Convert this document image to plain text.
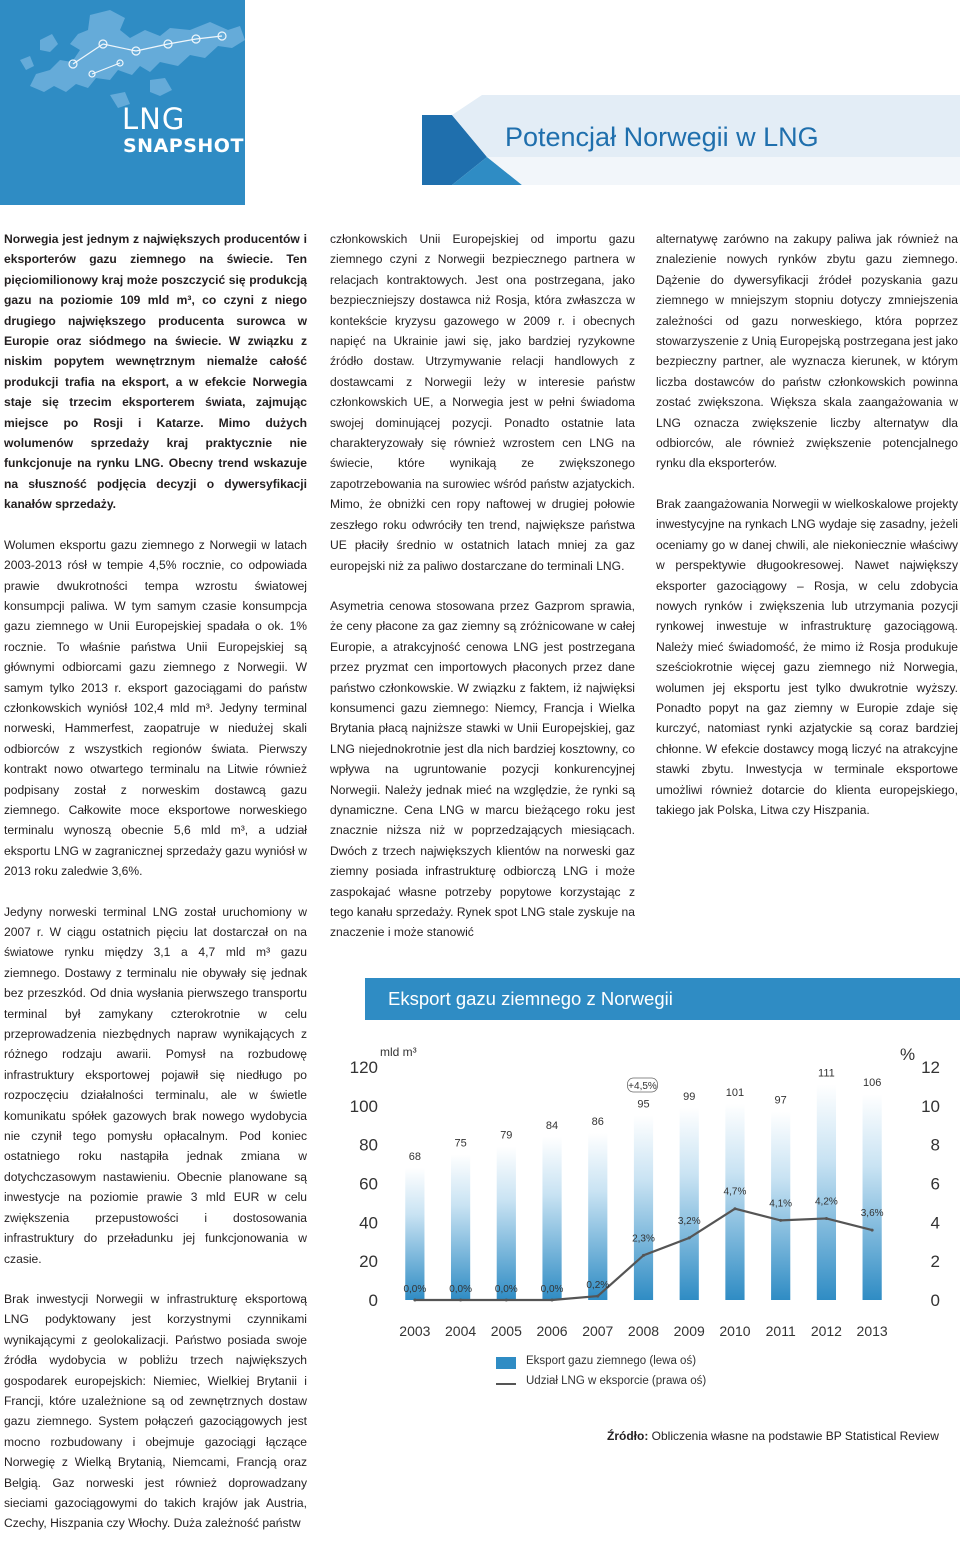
LNG
SNAPSHOT	Potencjał Norwegii w LNG

Norwegia jest jednym z największych producentów i eksporterów gazu ziemnego na świecie. Ten pięciomilionowy kraj może poszczycić się produkcją gazu na poziomie 109 mld m³, co czyni z niego drugiego największego producenta surowca w Europie oraz siódmego na świecie. W związku z niskim popytem wewnętrznym niemalże całość produkcji trafia na eksport, a w efekcie Norwegia staje się trzecim eksporterem świata, zajmując miejsce po Rosji i Katarze. Mimo dużych wolumenów sprzedaży kraj praktycznie nie funkcjonuje na rynku LNG. Obecny trend wskazuje na słuszność podjęcia decyzji o dywersyfikacji kanałów sprzedaży.

Wolumen eksportu gazu ziemnego z Norwegii w latach 2003-2013 rósł w tempie 4,5% rocznie, co odpowiada prawie dwukrotności tempa wzrostu światowej konsumpcji paliwa. W tym samym czasie konsumpcja gazu ziemnego w Unii Europejskiej spadała o ok. 1% rocznie. To właśnie państwa Unii Europejskiej są głównymi odbiorcami gazu ziemnego z Norwegii. W samym tylko 2013 r. eksport gazociągami do państw członkowskich wyniósł 102,4 mld m³. Jedyny terminal norweski, Hammerfest, zaopatruje w niedużej skali odbiorców z wszystkich regionów świata. Pierwszy kontrakt nowo otwartego terminalu na Litwie również podpisany został z norweskim dostawcą gazu ziemnego. Całkowite moce eksportowe norweskiego terminalu wynoszą obecnie 5,6 mld m³, a udział eksportu LNG w zagranicznej sprzedaży gazu wyniósł w 2013 roku zaledwie 3,6%.

Jedyny norweski terminal LNG został uruchomiony w 2007 r. W ciągu ostatnich pięciu lat dostarczał on na światowe rynku między 3,1 a 4,7 mld m³ gazu ziemnego. Dostawy z terminalu nie obywały się jednak bez przeszkód. Od dnia wysłania pierwszego transportu terminal był zamykany czterokrotnie w celu przeprowadzenia niezbędnych napraw wynikających z różnego rodzaju awarii. Pomysł na rozbudowę infrastruktury eksportowej pojawił się niedługo po rozpoczęciu działalności terminalu, ale w świetle komunikatu spółek gazowych brak nowego wydobycia nie czynił tego pomysłu opłacalnym. Pod koniec ostatniego roku nastąpiła jednak zmiana w dotychczasowym nastawieniu. Obecnie planowane są inwestycje na poziomie prawie 3 mld EUR w celu zwiększenia przepustowości i dostosowania infrastruktury do przeładunku jej funkcjonowania w czasie.

Brak inwestycji Norwegii w infrastrukturę eksportową LNG podyktowany jest korzystnymi czynnikami wynikającymi z geolokalizacji. Państwo posiada swoje źródła wydobycia w pobliżu trzech największych gospodarek europejskich: Niemiec, Wielkiej Brytanii i Francji, które uzależnione są od zewnętrznych dostaw gazu ziemnego. System połączeń gazociągowych jest mocno rozbudowany i obejmuje gazociągi łączące Norwegię z Wielką Brytanią, Niemcami, Francją oraz Belgią. Gaz norweski jest również doprowadzany sieciami gazociągowymi do takich krajów jak Austria, Czechy, Hiszpania czy Włochy. Duża zależność państw

członkowskich Unii Europejskiej od importu gazu ziemnego czyni z Norwegii bezpiecznego partnera w relacjach kontraktowych. Jest ona postrzegana, jako bezpieczniejszy dostawca niż Rosja, która zwłaszcza w kontekście kryzysu gazowego w 2009 r. i obecnych napięć na Ukrainie jawi się, jako bardziej ryzykowne źródło dostaw. Utrzymywanie relacji handlowych z dostawcami z Norwegii leży w interesie państw członkowskich UE, a Norwegia jest w pełni świadoma swojej dominującej pozycji. Ponadto ostatnie lata charakteryzowały się również wzrostem cen LNG na świecie, które wynikają ze zwiększonego zapotrzebowania na surowiec wśród państw azjatyckich. Mimo, że obniżki cen ropy naftowej w drugiej połowie zeszłego roku odwróciły ten trend, największe państwa UE płaciły średnio w ostatnich latach mniej za gaz europejski niż za paliwo dostarczane do terminali LNG.

Asymetria cenowa stosowana przez Gazprom sprawia, że ceny płacone za gaz ziemny są zróżnicowane w całej Europie, a atrakcyjność cenowa LNG jest postrzegana przez pryzmat cen importowych płaconych przez dane państwo członkowskie. W związku z faktem, iż najwięksi konsumenci gazu ziemnego: Niemcy, Francja i Wielka Brytania płacą najniższe stawki w Unii Europejskiej, gaz LNG niejednokrotnie jest dla nich bardziej kosztowny, co wpływa na ugruntowanie pozycji konkurencyjnej Norwegii. Należy jednak mieć na względzie, że rynki są dynamiczne. Cena LNG w marcu bieżącego roku jest znacznie niższa niż w poprzedzających miesiącach. Dwóch z trzech największych klientów na norweski gaz ziemny posiada infrastrukturę odbiorczą LNG i może zaspokajać własne potrzeby popytowe korzystając z tego kanału sprzedaży. Rynek spot LNG stale zyskuje na znaczenie i może stanowić

alternatywę zarówno na zakupy paliwa jak również na znalezienie nowych rynków zbytu gazu ziemnego. Dążenie do dywersyfikacji źródeł pozyskania gazu ziemnego w mniejszym stopniu dotyczy zmniejszenia zależności od gazu norweskiego, która poprzez stowarzyszenie z Unią Europejską postrzegana jest jako bezpieczny partner, ale wyznacza kierunek, w którym liczba dostawców do państw członkowskich powinna zostać zwiększona. Większa skala zaangażowania w LNG oznacza zwiększenie liczby alternatyw dla odbiorców, ale również zwiększenie potencjalnego rynku dla eksporterów.

Brak zaangażowania Norwegii w wielkoskalowe projekty inwestycyjne na rynkach LNG wydaje się zasadny, jeżeli oceniamy go w danej chwili, ale niekoniecznie właściwy w perspektywie długookresowej. Nawet największy eksporter gazociągowy – Rosja, w celu zdobycia nowych rynków i zwiększenia lub utrzymania pozycji rynkowej inwestuje w infrastrukturę gazociągową. Należy mieć świadomość, że mimo iż Rosja produkuje sześciokrotnie więcej gazu ziemnego niż Norwegia, wolumen jej eksportu jest tylko dwukrotnie wyższy. Ponadto popyt na gaz ziemny w Europie zdaje się kurczyć, natomiast rynki azjatyckie są coraz bardziej chłonne. W efekcie dostawcy mogą liczyć na atrakcyjne stawki zbytu. Inwestycja w terminale eksportowe umożliwi również dotarcie do klienta europejskiego, takiego jak Polska, Litwa czy Hiszpania.

Eksport gazu ziemnego z Norwegii
0
20
40
60
80
100
120
0
2
4
6
8
10
12
68
75
79
84	86
95
99	101
97
111
106
0,0% 0,0% 0,0% 0,0% 0,2%
2,3%
3,2%
4,7%
4,1% 4,2%
3,6%
+4,5%
2003 2004 2005 2006 2007 2008 2009 2010 2011 2012 2013
mld m³	%
Eksport gazu ziemnego (lewa oś)
Udział LNG w eksporcie (prawa oś)
Źródło: Obliczenia własne na podstawie BP Statistical Review
